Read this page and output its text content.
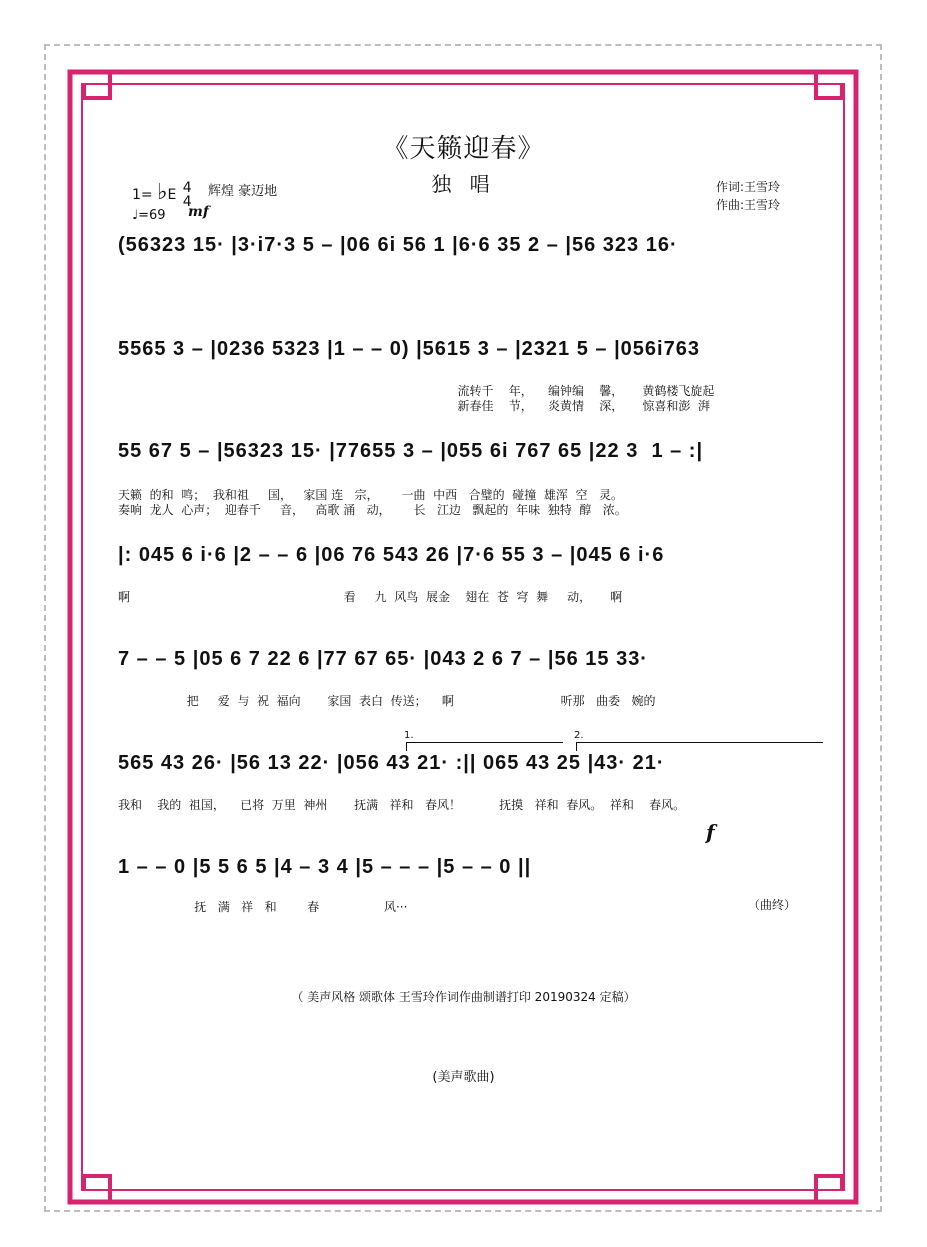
《天籁迎春》
独 唱
1= ♭E 4
4
辉煌 豪迈地
♩=69 mf
作词:王雪玲
作曲:王雪玲
(56323 15· |3·i7·3 5 – |06 6i 56 1 |6·6 35 2 – |56 323 16·
5565 3 – |0236 5323 |1 – – 0) |5615 3 – |2321 5 – |056i763
流转千    年，    编钟编    馨，     黄鹤楼飞旋起
新春佳    节，    炎黄情    深，     惊喜和澎  湃
55 67 5 – |56323 15· |77655 3 – |055 6i 767 65 |22 3  1 – :|
天籁  的和  鸣；  我和祖     国，   家国 连   宗，      一曲  中西   合璧的  碰撞  雄浑  空   灵。
奏响  龙人  心声；  迎春千     音，   高歌 涌   动，      长   江边   飘起的  年味  独特  醇   浓。
|: 045 6 i·6 |2 – – 6 |06 76 543 26 |7·6 55 3 – |045 6 i·6
啊                                                        看     九  风鸟  展金    翅在  苍  穹  舞     动，     啊
7 – – 5 |05 6 7 22 6 |77 67 65· |043 2 6 7 – |56 15 33·
把     爱  与  祝  福向       家国  表白  传送；    啊                            听那   曲委   婉的
1.	2.
565 43 26· |56 13 22· |056 43 21· :|| 065 43 25 |43· 21·
我和    我的  祖国，    已将  万里  神州       抚满   祥和   春风！          抚摸   祥和  春风。  祥和    春风。
f
1 – – 0 |5 5 6 5 |4 – 3 4 |5 – – – |5 – – 0 ||
抚   满   祥   和        春                 风···	（曲终）
（ 美声风格 颂歌体 王雪玲作词作曲制谱打印 20190324 定稿）
(美声歌曲)
